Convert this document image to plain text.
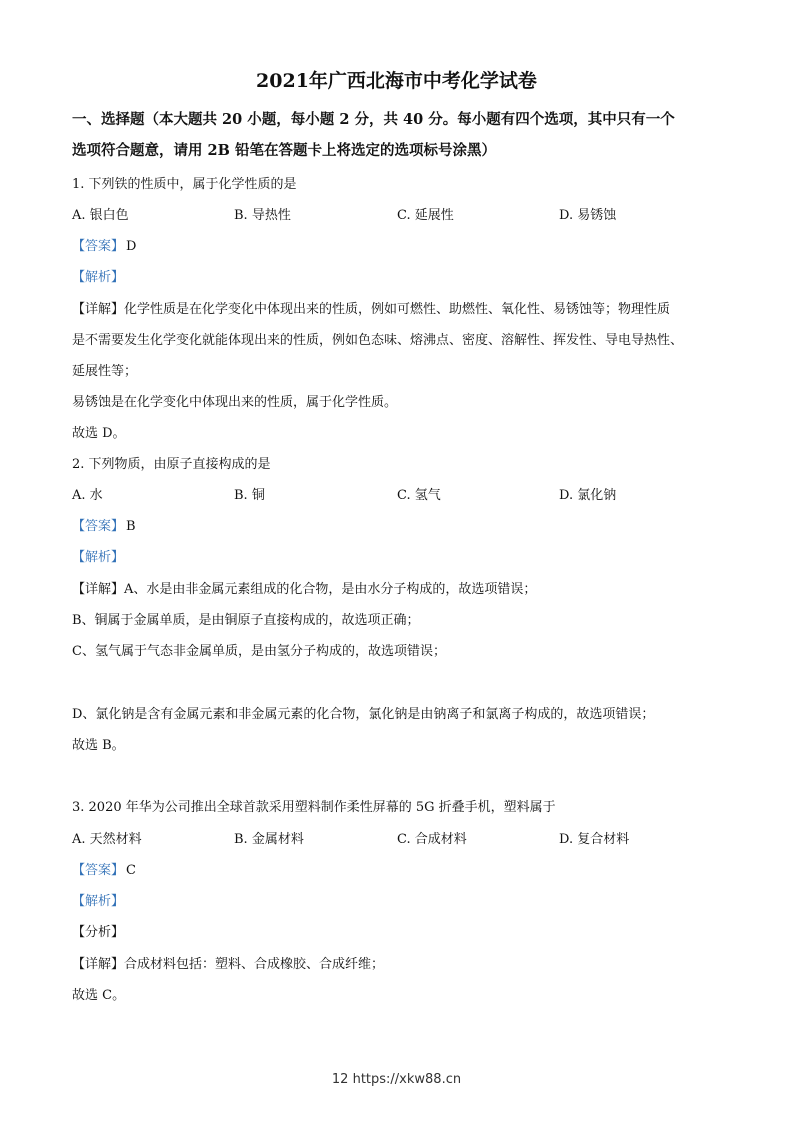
2021年广西北海市中考化学试卷
一、选择题（本大题共 20 小题，每小题 2 分，共 40 分。每小题有四个选项，其中只有一个
选项符合题意，请用 2B 铅笔在答题卡上将选定的选项标号涂黑）
1. 下列铁的性质中，属于化学性质的是
A. 银白色	B. 导热性	C. 延展性	D. 易锈蚀
【答案】 D
【解析】
【详解】化学性质是在化学变化中体现出来的性质，例如可燃性、助燃性、氧化性、易锈蚀等；物理性质
是不需要发生化学变化就能体现出来的性质，例如色态味、熔沸点、密度、溶解性、挥发性、导电导热性、
延展性等；
易锈蚀是在化学变化中体现出来的性质，属于化学性质。
故选 D。
2. 下列物质，由原子直接构成的是
A. 水	B. 铜	C. 氢气	D. 氯化钠
【答案】 B
【解析】
【详解】A、水是由非金属元素组成的化合物，是由水分子构成的，故选项错误；
B、铜属于金属单质，是由铜原子直接构成的，故选项正确；
C、氢气属于气态非金属单质，是由氢分子构成的，故选项错误；
D、氯化钠是含有金属元素和非金属元素的化合物，氯化钠是由钠离子和氯离子构成的，故选项错误；
故选 B。
3. 2020 年华为公司推出全球首款采用塑料制作柔性屏幕的 5G 折叠手机，塑料属于
A. 天然材料	B. 金属材料	C. 合成材料	D. 复合材料
【答案】 C
【解析】
【分析】
【详解】合成材料包括：塑料、合成橡胶、合成纤维；
故选 C。
12 https://xkw88.cn
